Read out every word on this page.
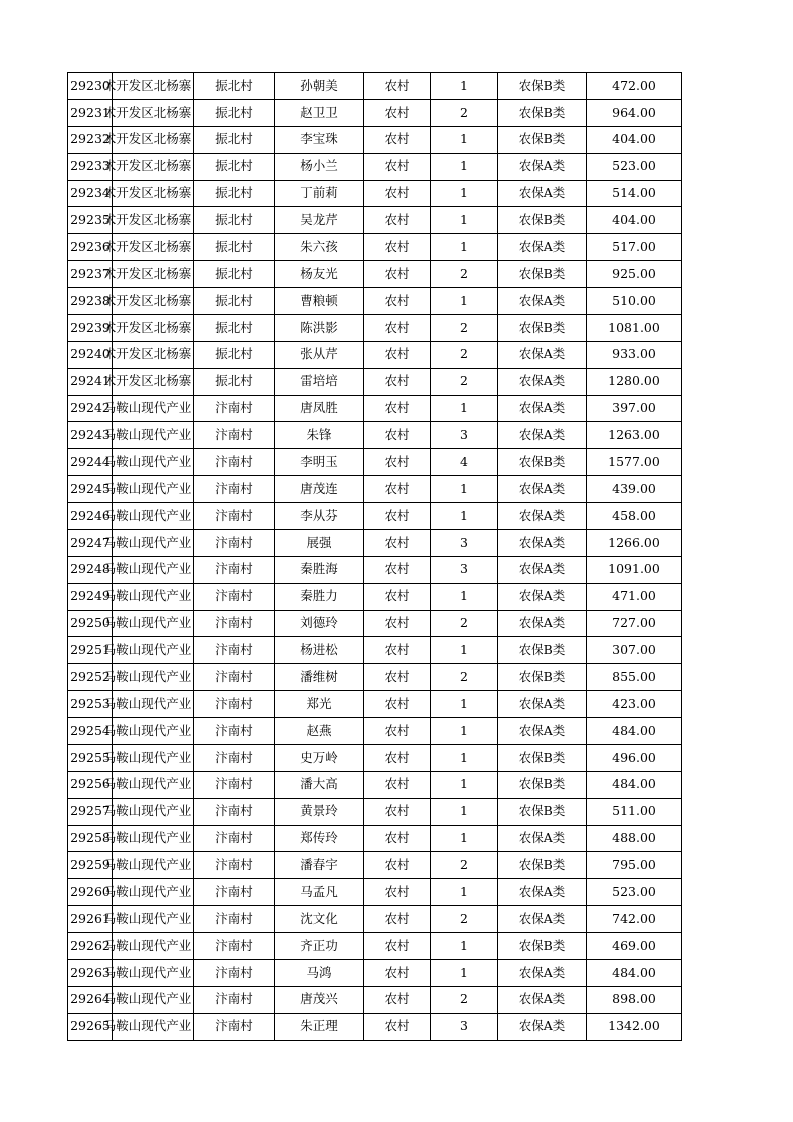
29230	术开发区北杨寨	振北村	孙朝美	农村	1	农保B类	472.00
29231	术开发区北杨寨	振北村	赵卫卫	农村	2	农保B类	964.00
29232	术开发区北杨寨	振北村	李宝珠	农村	1	农保B类	404.00
29233	术开发区北杨寨	振北村	杨小兰	农村	1	农保A类	523.00
29234	术开发区北杨寨	振北村	丁前莉	农村	1	农保A类	514.00
29235	术开发区北杨寨	振北村	吴龙芹	农村	1	农保B类	404.00
29236	术开发区北杨寨	振北村	朱六孩	农村	1	农保A类	517.00
29237	术开发区北杨寨	振北村	杨友光	农村	2	农保B类	925.00
29238	术开发区北杨寨	振北村	曹粮顿	农村	1	农保A类	510.00
29239	术开发区北杨寨	振北村	陈洪影	农村	2	农保B类	1081.00
29240	术开发区北杨寨	振北村	张从芹	农村	2	农保A类	933.00
29241	术开发区北杨寨	振北村	雷培培	农村	2	农保A类	1280.00
29242	马鞍山现代产业	汴南村	唐凤胜	农村	1	农保A类	397.00
29243	马鞍山现代产业	汴南村	朱锋	农村	3	农保A类	1263.00
29244	马鞍山现代产业	汴南村	李明玉	农村	4	农保B类	1577.00
29245	马鞍山现代产业	汴南村	唐茂连	农村	1	农保A类	439.00
29246	马鞍山现代产业	汴南村	李从芬	农村	1	农保A类	458.00
29247	马鞍山现代产业	汴南村	展强	农村	3	农保A类	1266.00
29248	马鞍山现代产业	汴南村	秦胜海	农村	3	农保A类	1091.00
29249	马鞍山现代产业	汴南村	秦胜力	农村	1	农保A类	471.00
29250	马鞍山现代产业	汴南村	刘德玲	农村	2	农保A类	727.00
29251	马鞍山现代产业	汴南村	杨进松	农村	1	农保B类	307.00
29252	马鞍山现代产业	汴南村	潘维树	农村	2	农保B类	855.00
29253	马鞍山现代产业	汴南村	郑光	农村	1	农保A类	423.00
29254	马鞍山现代产业	汴南村	赵燕	农村	1	农保A类	484.00
29255	马鞍山现代产业	汴南村	史万岭	农村	1	农保B类	496.00
29256	马鞍山现代产业	汴南村	潘大高	农村	1	农保B类	484.00
29257	马鞍山现代产业	汴南村	黄景玲	农村	1	农保B类	511.00
29258	马鞍山现代产业	汴南村	郑传玲	农村	1	农保A类	488.00
29259	马鞍山现代产业	汴南村	潘春宇	农村	2	农保B类	795.00
29260	马鞍山现代产业	汴南村	马孟凡	农村	1	农保A类	523.00
29261	马鞍山现代产业	汴南村	沈文化	农村	2	农保A类	742.00
29262	马鞍山现代产业	汴南村	齐正功	农村	1	农保B类	469.00
29263	马鞍山现代产业	汴南村	马鸿	农村	1	农保A类	484.00
29264	马鞍山现代产业	汴南村	唐茂兴	农村	2	农保A类	898.00
29265	马鞍山现代产业	汴南村	朱正理	农村	3	农保A类	1342.00
